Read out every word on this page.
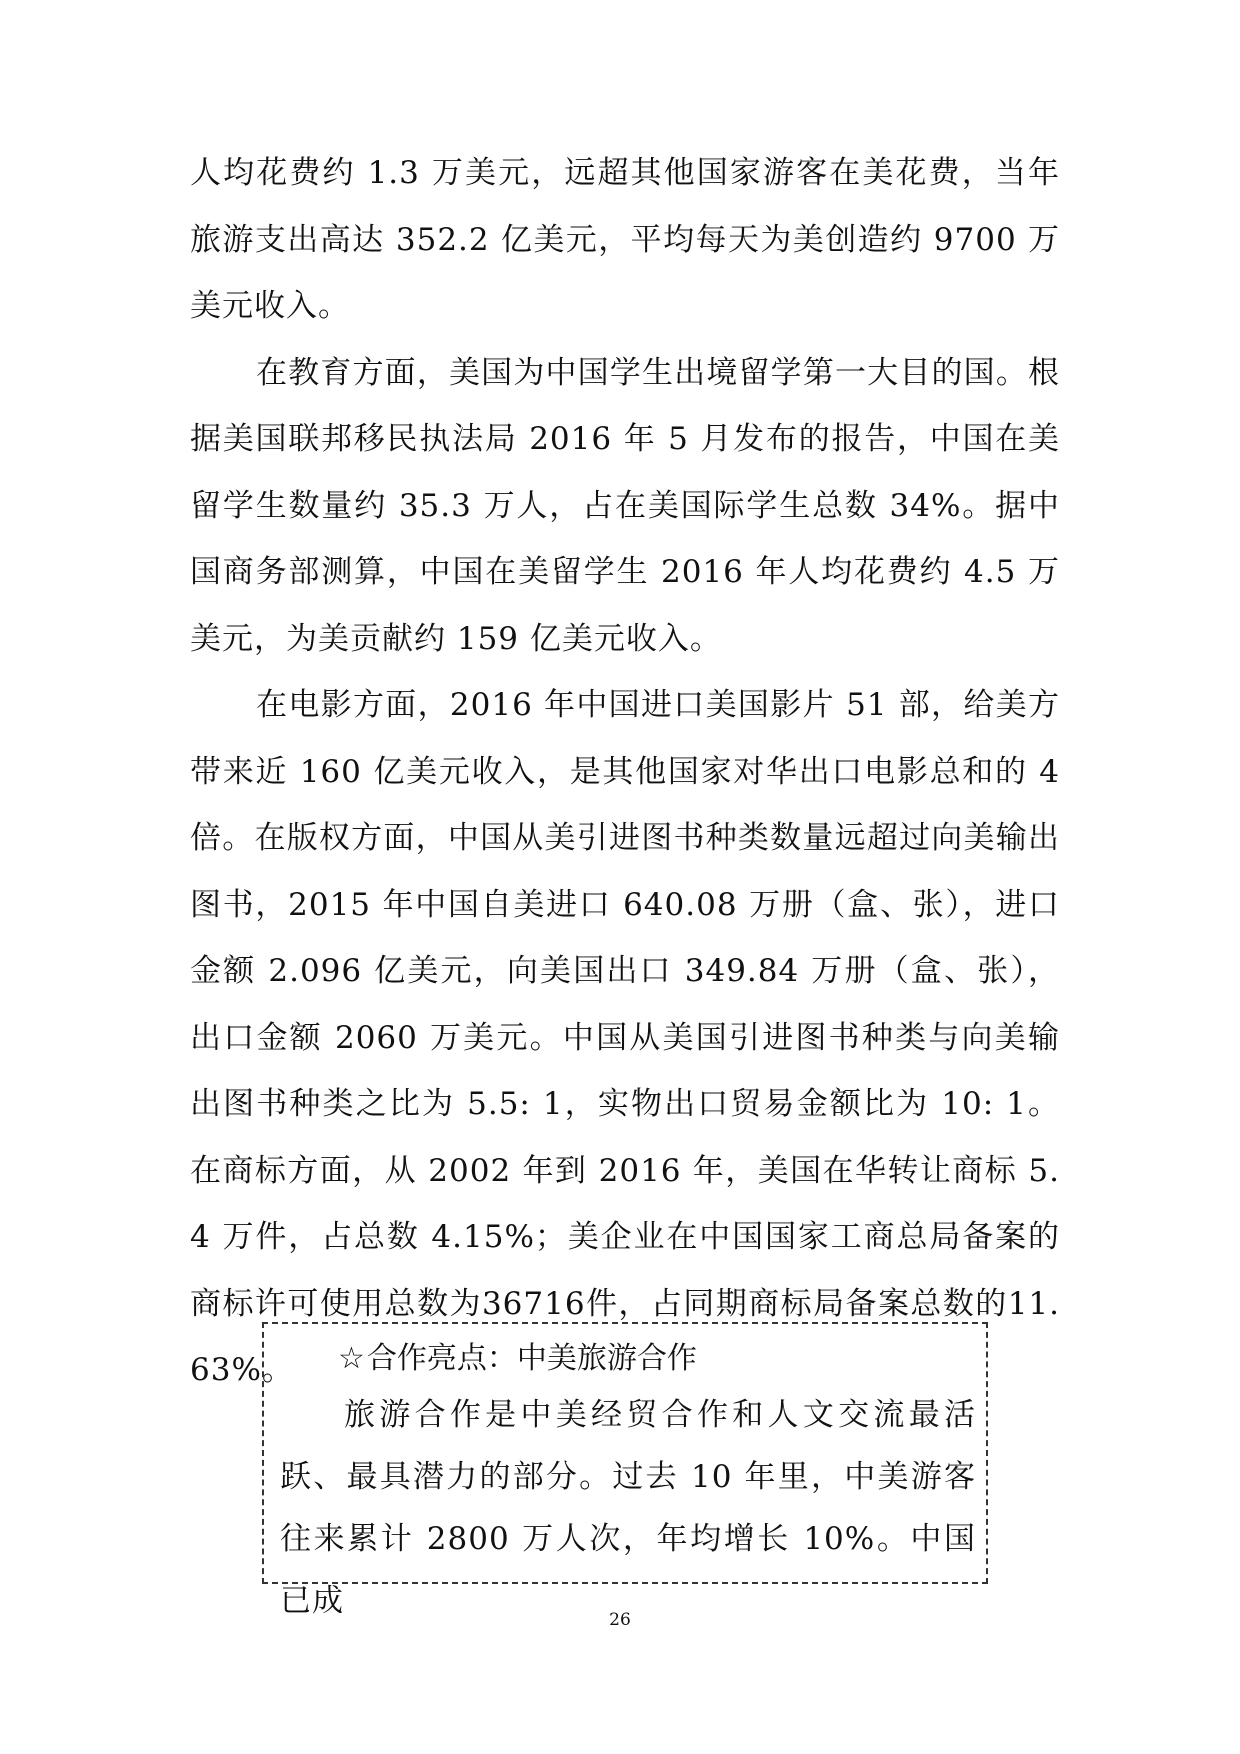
人均花费约 1.3 万美元，远超其他国家游客在美花费，当年旅游支出高达 352.2 亿美元，平均每天为美创造约 9700 万美元收入。

在教育方面，美国为中国学生出境留学第一大目的国。根据美国联邦移民执法局 2016 年 5 月发布的报告，中国在美留学生数量约 35.3 万人，占在美国际学生总数 34%。据中国商务部测算，中国在美留学生 2016 年人均花费约 4.5 万美元，为美贡献约 159 亿美元收入。

在电影方面，2016 年中国进口美国影片 51 部，给美方带来近 160 亿美元收入，是其他国家对华出口电影总和的 4 倍。在版权方面，中国从美引进图书种类数量远超过向美输出图书，2015 年中国自美进口 640.08 万册（盒、张），进口金额 2.096 亿美元，向美国出口 349.84 万册（盒、张），出口金额 2060 万美元。中国从美国引进图书种类与向美输出图书种类之比为 5.5: 1，实物出口贸易金额比为 10: 1。在商标方面，从 2002 年到 2016 年，美国在华转让商标 5.4 万件，占总数 4.15%；美企业在中国国家工商总局备案的商标许可使用总数为36716件，占同期商标局备案总数的11.63%。	☆合作亮点：中美旅游合作

旅游合作是中美经贸合作和人文交流最活跃、最具潜力的部分。过去 10 年里，中美游客往来累计 2800 万人次，年均增长 10%。中国已成

26
